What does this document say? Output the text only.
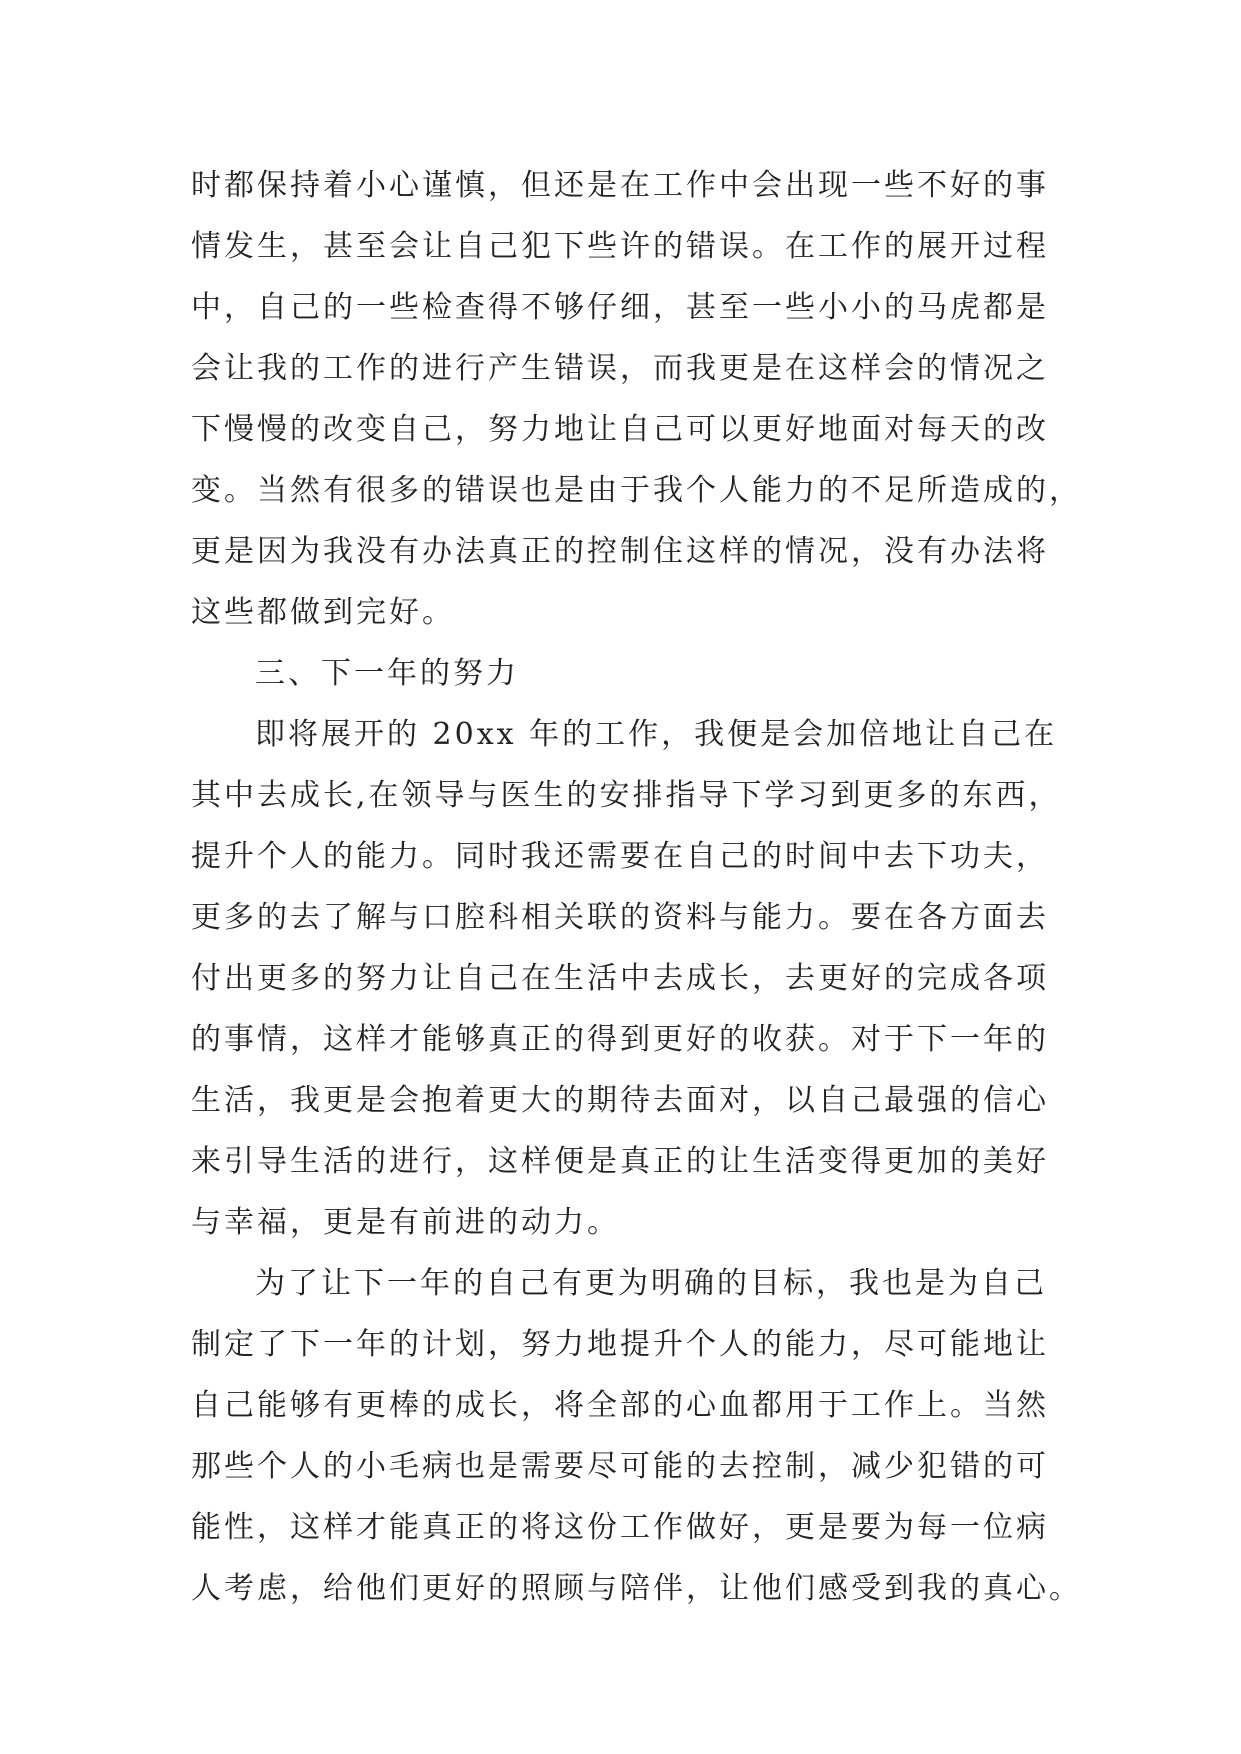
时都保持着小心谨慎，但还是在工作中会出现一些不好的事
情发生，甚至会让自己犯下些许的错误。在工作的展开过程
中，自己的一些检查得不够仔细，甚至一些小小的马虎都是
会让我的工作的进行产生错误，而我更是在这样会的情况之
下慢慢的改变自己，努力地让自己可以更好地面对每天的改
变。当然有很多的错误也是由于我个人能力的不足所造成的，
更是因为我没有办法真正的控制住这样的情况，没有办法将
这些都做到完好。
三、下一年的努力
即将展开的 20xx 年的工作，我便是会加倍地让自己在
其中去成长,在领导与医生的安排指导下学习到更多的东西，
提升个人的能力。同时我还需要在自己的时间中去下功夫，
更多的去了解与口腔科相关联的资料与能力。要在各方面去
付出更多的努力让自己在生活中去成长，去更好的完成各项
的事情，这样才能够真正的得到更好的收获。对于下一年的
生活，我更是会抱着更大的期待去面对，以自己最强的信心
来引导生活的进行，这样便是真正的让生活变得更加的美好
与幸福，更是有前进的动力。
为了让下一年的自己有更为明确的目标，我也是为自己
制定了下一年的计划，努力地提升个人的能力，尽可能地让
自己能够有更棒的成长，将全部的心血都用于工作上。当然
那些个人的小毛病也是需要尽可能的去控制，减少犯错的可
能性，这样才能真正的将这份工作做好，更是要为每一位病
人考虑，给他们更好的照顾与陪伴，让他们感受到我的真心。
